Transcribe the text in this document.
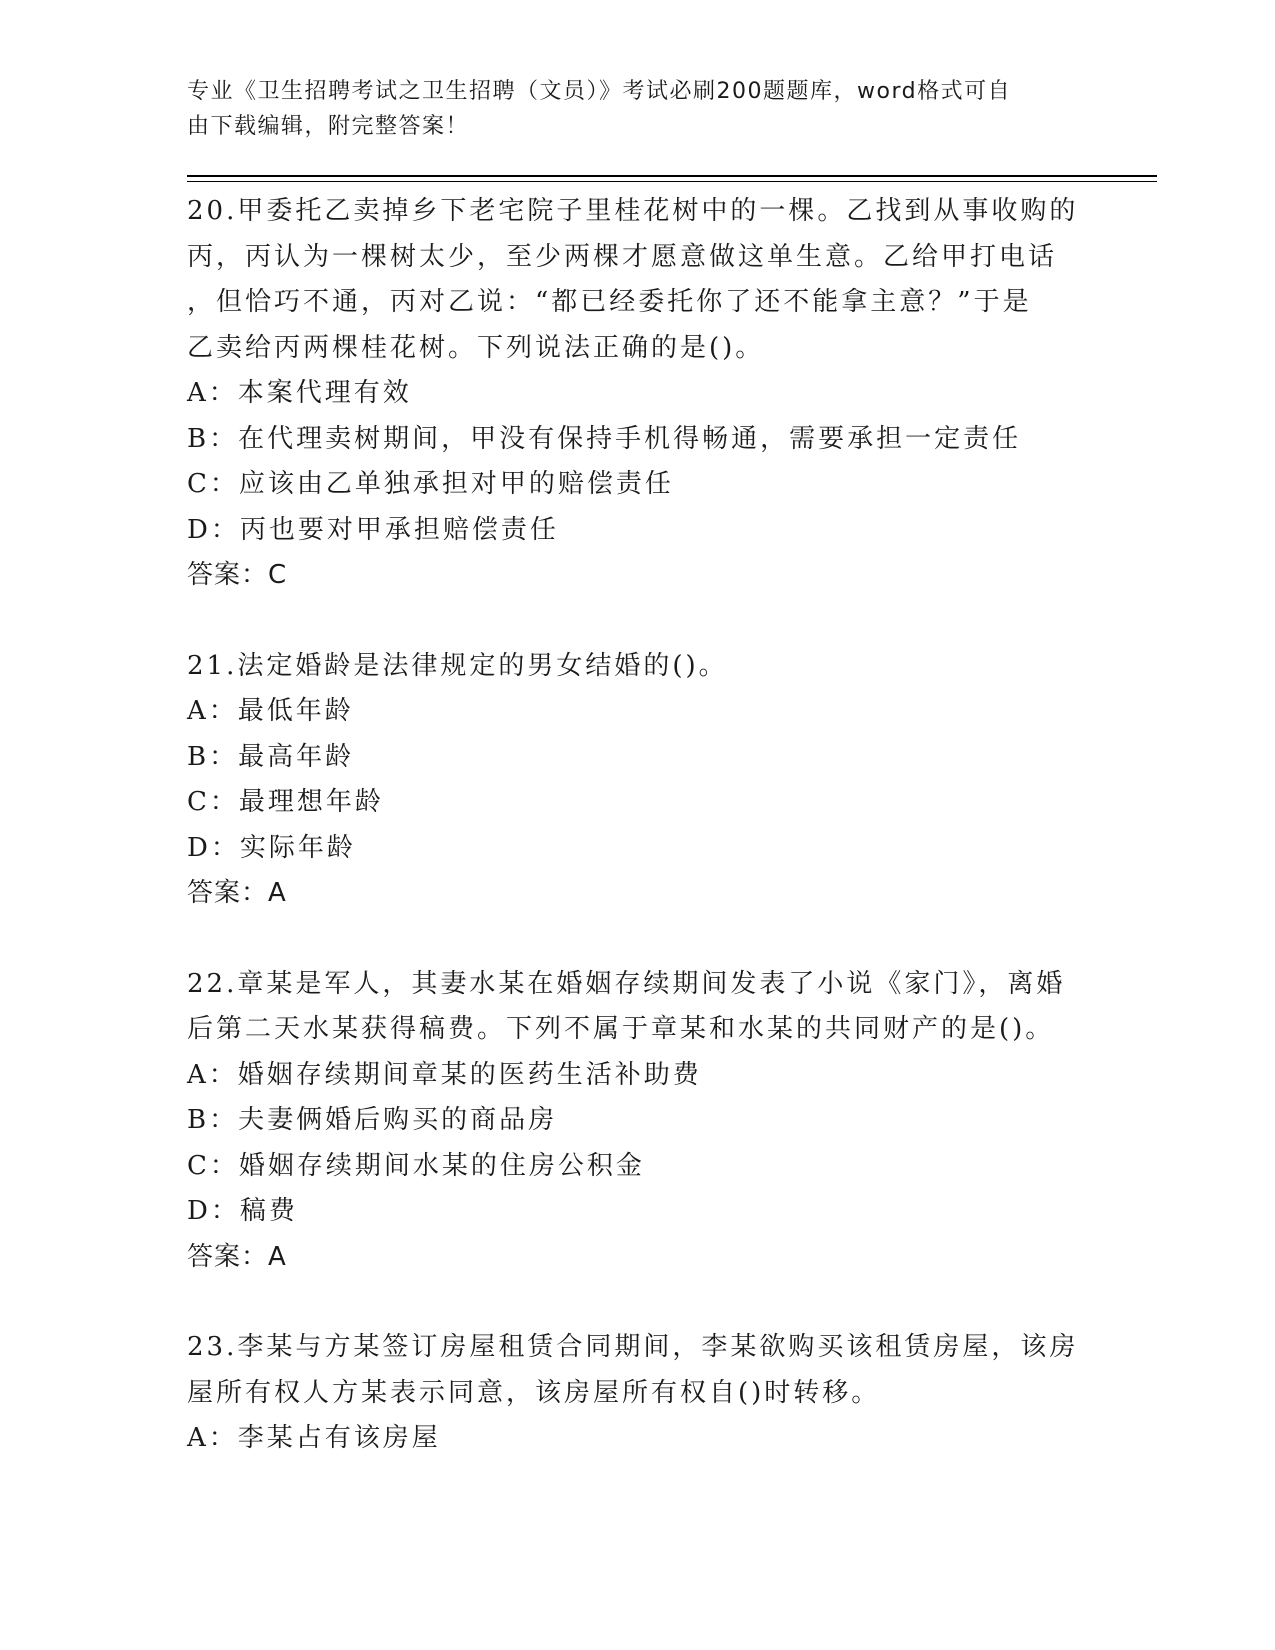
专业《卫生招聘考试之卫生招聘（文员）》考试必刷200题题库，word格式可自
由下载编辑，附完整答案！

20.甲委托乙卖掉乡下老宅院子里桂花树中的一棵。乙找到从事收购的

丙，丙认为一棵树太少，至少两棵才愿意做这单生意。乙给甲打电话

，但恰巧不通，丙对乙说：“都已经委托你了还不能拿主意？”于是

乙卖给丙两棵桂花树。下列说法正确的是()。

A：本案代理有效

B：在代理卖树期间，甲没有保持手机得畅通，需要承担一定责任

C：应该由乙单独承担对甲的赔偿责任

D：丙也要对甲承担赔偿责任

答案：C

21.法定婚龄是法律规定的男女结婚的()。

A：最低年龄

B：最高年龄

C：最理想年龄

D：实际年龄

答案：A

22.章某是军人，其妻水某在婚姻存续期间发表了小说《家门》，离婚

后第二天水某获得稿费。下列不属于章某和水某的共同财产的是()。

A：婚姻存续期间章某的医药生活补助费

B：夫妻俩婚后购买的商品房

C：婚姻存续期间水某的住房公积金

D：稿费

答案：A

23.李某与方某签订房屋租赁合同期间，李某欲购买该租赁房屋，该房

屋所有权人方某表示同意，该房屋所有权自()时转移。

A：李某占有该房屋
